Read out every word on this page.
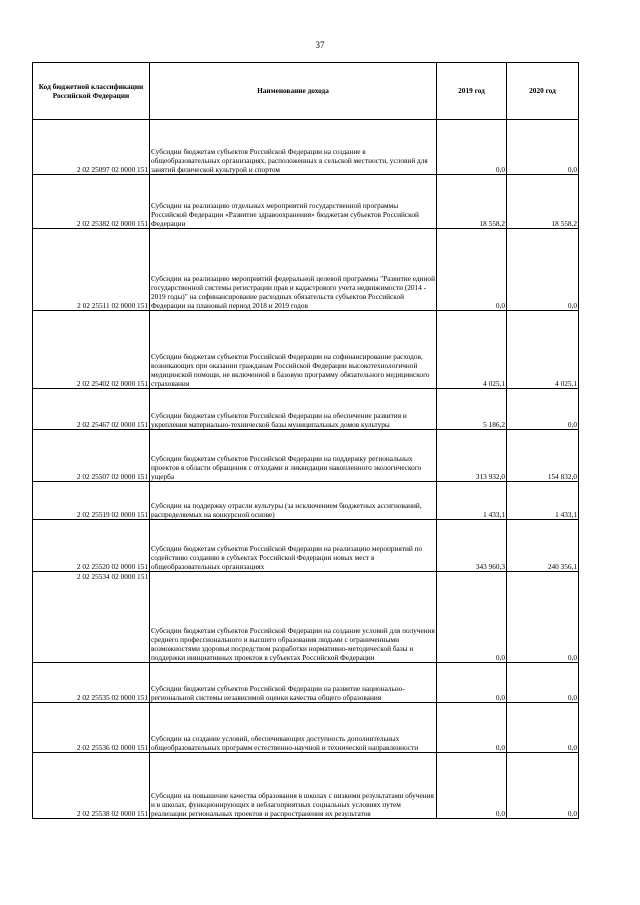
37
Код бюджетной классификации Российской Федерации	Наименование дохода	2019 год	2020 год
2 02 25097 02 0000 151	Субсидии бюджетам субъектов Российской Федерации на создание в общеобразовательных организациях, расположенных в сельской местности, условий для занятий физической культурой и спортом	0,0	0,0
2 02 25382 02 0000 151	Субсидии на реализацию отдельных мероприятий государственной программы Российской Федерации «Развитие здравоохранения» бюджетам субъектов Российской Федерации	18 558,2	18 558,2
2 02 25511 02 0000 151	Субсидии на реализацию мероприятий федеральной целевой программы "Развитие единой государственной системы регистрации прав и кадастрового учета недвижимости (2014 - 2019 годы)" на софинансирование расходных обязательств субъектов Российской Федерации на плановый период 2018 и 2019 годов	0,0	0,0
2 02 25402 02 0000 151	Субсидии бюджетам субъектов Российской Федерации на софинансирование расходов, возникающих при оказании гражданам Российской Федерации высокотехнологичной медицинской помощи, не включенной в базовую программу обязательного медицинского страхования	4 025,1	4 025,1
2 02 25467 02 0000 151	Субсидии бюджетам субъектов Российской Федерации на обеспечение развития и укрепления материально-технической базы муниципальных домов культуры	5 186,2	0,0
2 02 25507 02 0000 151	Субсидии бюджетам субъектов Российской Федерации на поддержку региональных проектов в области обращения с отходами и ликвидации накопленного экологического ущерба	313 932,0	154 832,0
2 02 25519 02 0000 151	Субсидии на поддержку отрасли культуры (за исключением бюджетных ассигнований, распределяемых на конкурсной основе)	1 433,1	1 433,1
2 02 25520 02 0000 151	Субсидии бюджетам субъектов Российской Федерации на реализацию мероприятий по содействию созданию в субъектах Российской Федерации новых мест в общеобразовательных организациях	343 960,3	240 356,1
2 02 25534 02 0000 151	Субсидии бюджетам субъектов Российской Федерации на создание условий для получения среднего профессионального и высшего образования людьми с ограниченными возможностями здоровья посредством разработки нормативно-методической базы и поддержки инициативных проектов в субъектах Российской Федерации	0,0	0,0
2 02 25535 02 0000 151	Субсидии бюджетам субъектов Российской Федерации на развитие национально-региональной системы независимой оценки качества общего образования	0,0	0,0
2 02 25536 02 0000 151	Субсидии на создание условий, обеспечивающих доступность дополнительных общеобразовательных программ естественно-научной и технической направленности	0,0	0,0
2 02 25538 02 0000 151	Субсидии на повышение качества образования в школах с низкими результатами обучения и в школах, функционирующих в неблагоприятных социальных условиях путем реализации региональных проектов и распространения их результатов	0,0	0,0
